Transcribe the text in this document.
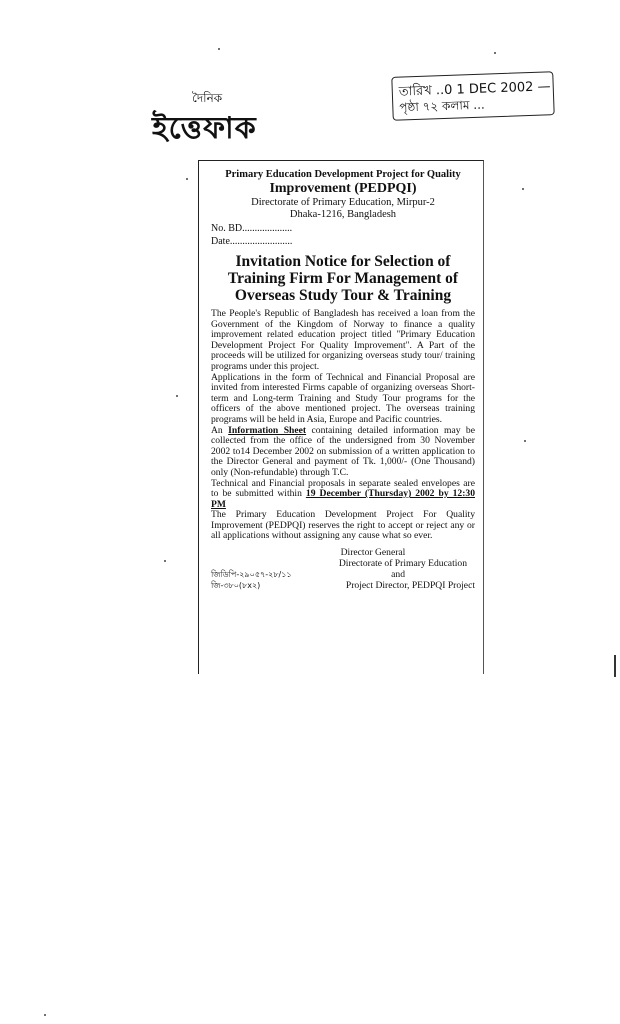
দৈনিক
ইত্তেফাক
তারিখ ..0 1 DEC 2002 —
পৃষ্ঠা ৭২ কলাম ...
Primary Education Development Project for Quality
Improvement (PEDPQI)
Directorate of Primary Education, Mirpur-2
Dhaka-1216, Bangladesh
No. BD....................
Date.........................
Invitation Notice for Selection of Training Firm For Management of Overseas Study Tour & Training

The People's Republic of Bangladesh has received a loan from the Government of the Kingdom of Norway to finance a quality improvement related education project titled "Primary Education Development Project For Quality Improvement". A Part of the proceeds will be utilized for organizing overseas study tour/ training programs under this project.

Applications in the form of Technical and Financial Proposal are invited from interested Firms capable of organizing overseas Short-term and Long-term Training and Study Tour programs for the officers of the above mentioned project. The overseas training programs will be held in Asia, Europe and Pacific countries.

An Information Sheet containing detailed information may be collected from the office of the undersigned from 30 November 2002 to14 December 2002 on submission of a written application to the Director General and payment of Tk. 1,000/- (One Thousand) only (Non-refundable) through T.C.

Technical and Financial proposals in separate sealed envelopes are to be submitted within 19 December (Thursday) 2002 by 12:30 PM

The Primary Education Development Project For Quality Improvement (PEDPQI) reserves the right to accept or reject any or all applications without assigning any cause what so ever.

Director General
Directorate of Primary Education
জিডিপি-২৯০৫৭-২৮/১১	and
জি-৩৮০(৮x২)	Project Director, PEDPQI Project
